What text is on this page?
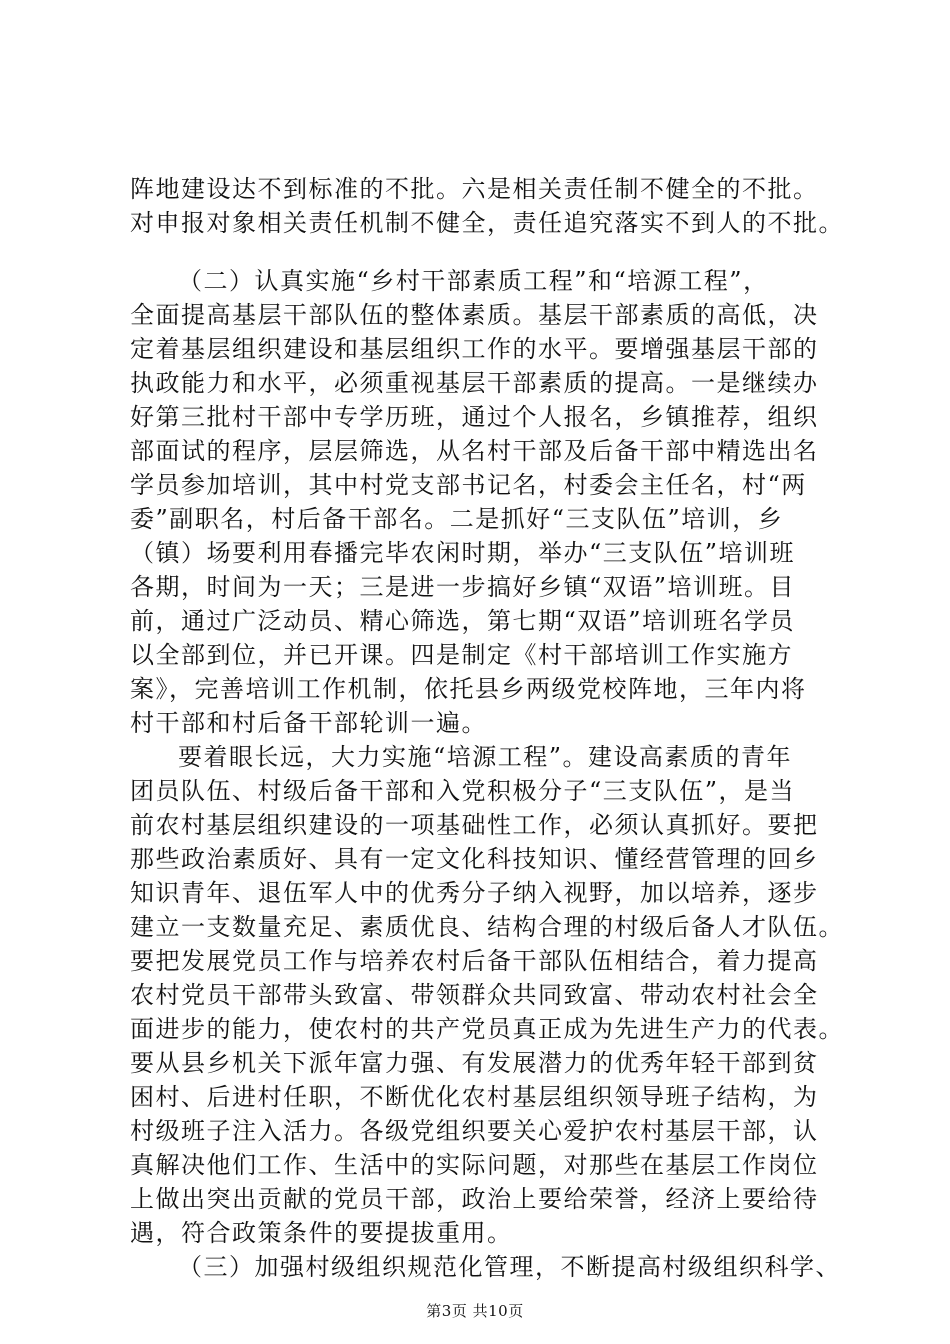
阵地建设达不到标准的不批。六是相关责任制不健全的不批。
对申报对象相关责任机制不健全，责任追究落实不到人的不批。
（二）认真实施“乡村干部素质工程”和“培源工程”，
全面提高基层干部队伍的整体素质。基层干部素质的高低，决
定着基层组织建设和基层组织工作的水平。要增强基层干部的
执政能力和水平，必须重视基层干部素质的提高。一是继续办
好第三批村干部中专学历班，通过个人报名，乡镇推荐，组织
部面试的程序，层层筛选，从名村干部及后备干部中精选出名
学员参加培训，其中村党支部书记名，村委会主任名，村“两
委”副职名，村后备干部名。二是抓好“三支队伍”培训，乡
（镇）场要利用春播完毕农闲时期，举办“三支队伍”培训班
各期，时间为一天；三是进一步搞好乡镇“双语”培训班。目
前，通过广泛动员、精心筛选，第七期“双语”培训班名学员
以全部到位，并已开课。四是制定《村干部培训工作实施方
案》，完善培训工作机制，依托县乡两级党校阵地，三年内将
村干部和村后备干部轮训一遍。
要着眼长远，大力实施“培源工程”。建设高素质的青年
团员队伍、村级后备干部和入党积极分子“三支队伍”，是当
前农村基层组织建设的一项基础性工作，必须认真抓好。要把
那些政治素质好、具有一定文化科技知识、懂经营管理的回乡
知识青年、退伍军人中的优秀分子纳入视野，加以培养，逐步
建立一支数量充足、素质优良、结构合理的村级后备人才队伍。
要把发展党员工作与培养农村后备干部队伍相结合，着力提高
农村党员干部带头致富、带领群众共同致富、带动农村社会全
面进步的能力，使农村的共产党员真正成为先进生产力的代表。
要从县乡机关下派年富力强、有发展潜力的优秀年轻干部到贫
困村、后进村任职，不断优化农村基层组织领导班子结构，为
村级班子注入活力。各级党组织要关心爱护农村基层干部，认
真解决他们工作、生活中的实际问题，对那些在基层工作岗位
上做出突出贡献的党员干部，政治上要给荣誉，经济上要给待
遇，符合政策条件的要提拔重用。
（三）加强村级组织规范化管理，不断提高村级组织科学、
第3页 共10页
